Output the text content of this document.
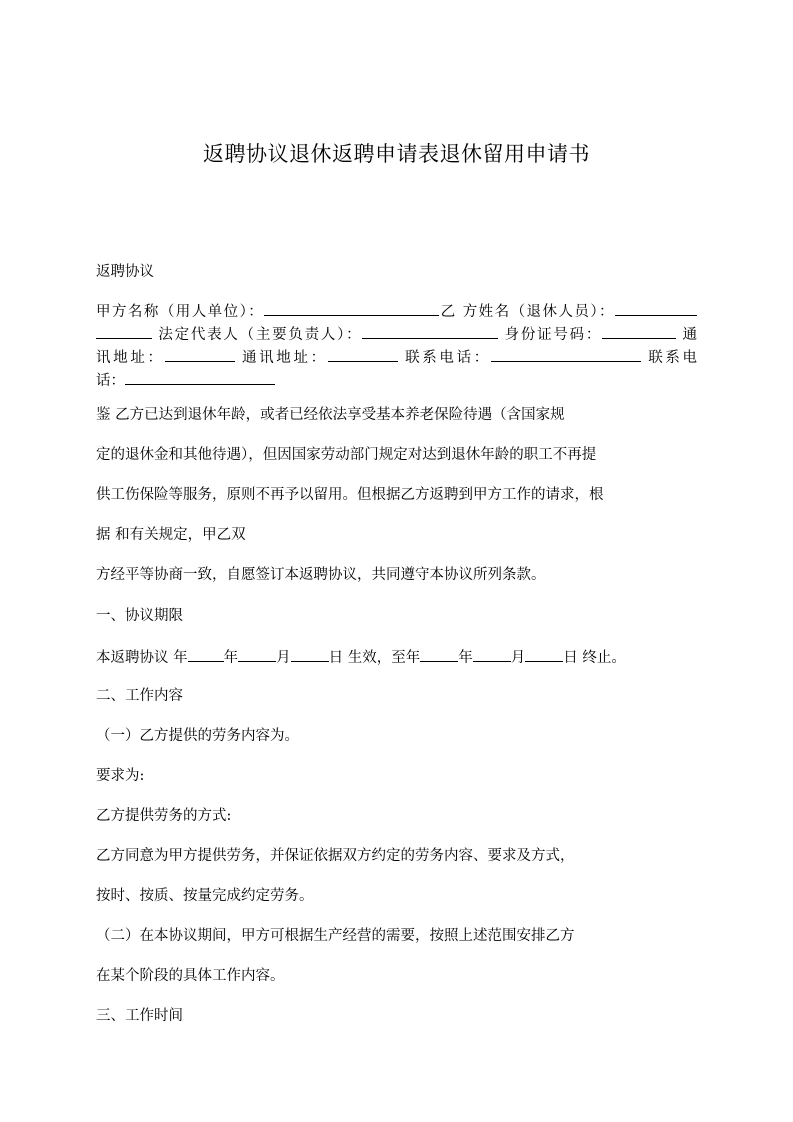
返聘协议退休返聘申请表退休留用申请书
返聘协议
甲方名称（用人单位）：	乙 方姓名（退休人员）：
法定代表人（主要负责人）：	身份证号码：	通
讯地址：	通讯地址：	联系电话：	联系电
话：
鉴 乙方已达到退休年龄，或者已经依法享受基本养老保险待遇（含国家规
定的退休金和其他待遇），但因国家劳动部门规定对达到退休年龄的职工不再提
供工伤保险等服务，原则不再予以留用。但根据乙方返聘到甲方工作的请求，根
据 和有关规定，甲乙双
方经平等协商一致，自愿签订本返聘协议，共同遵守本协议所列条款。
一、协议期限
本返聘协议 年 年	月	日 生效，至年	年	月	日 终止。
二、工作内容
（一）乙方提供的劳务内容为。
要求为:
乙方提供劳务的方式:
乙方同意为甲方提供劳务，并保证依据双方约定的劳务内容、要求及方式，
按时、按质、按量完成约定劳务。
（二）在本协议期间，甲方可根据生产经营的需要，按照上述范围安排乙方
在某个阶段的具体工作内容。
三、工作时间
